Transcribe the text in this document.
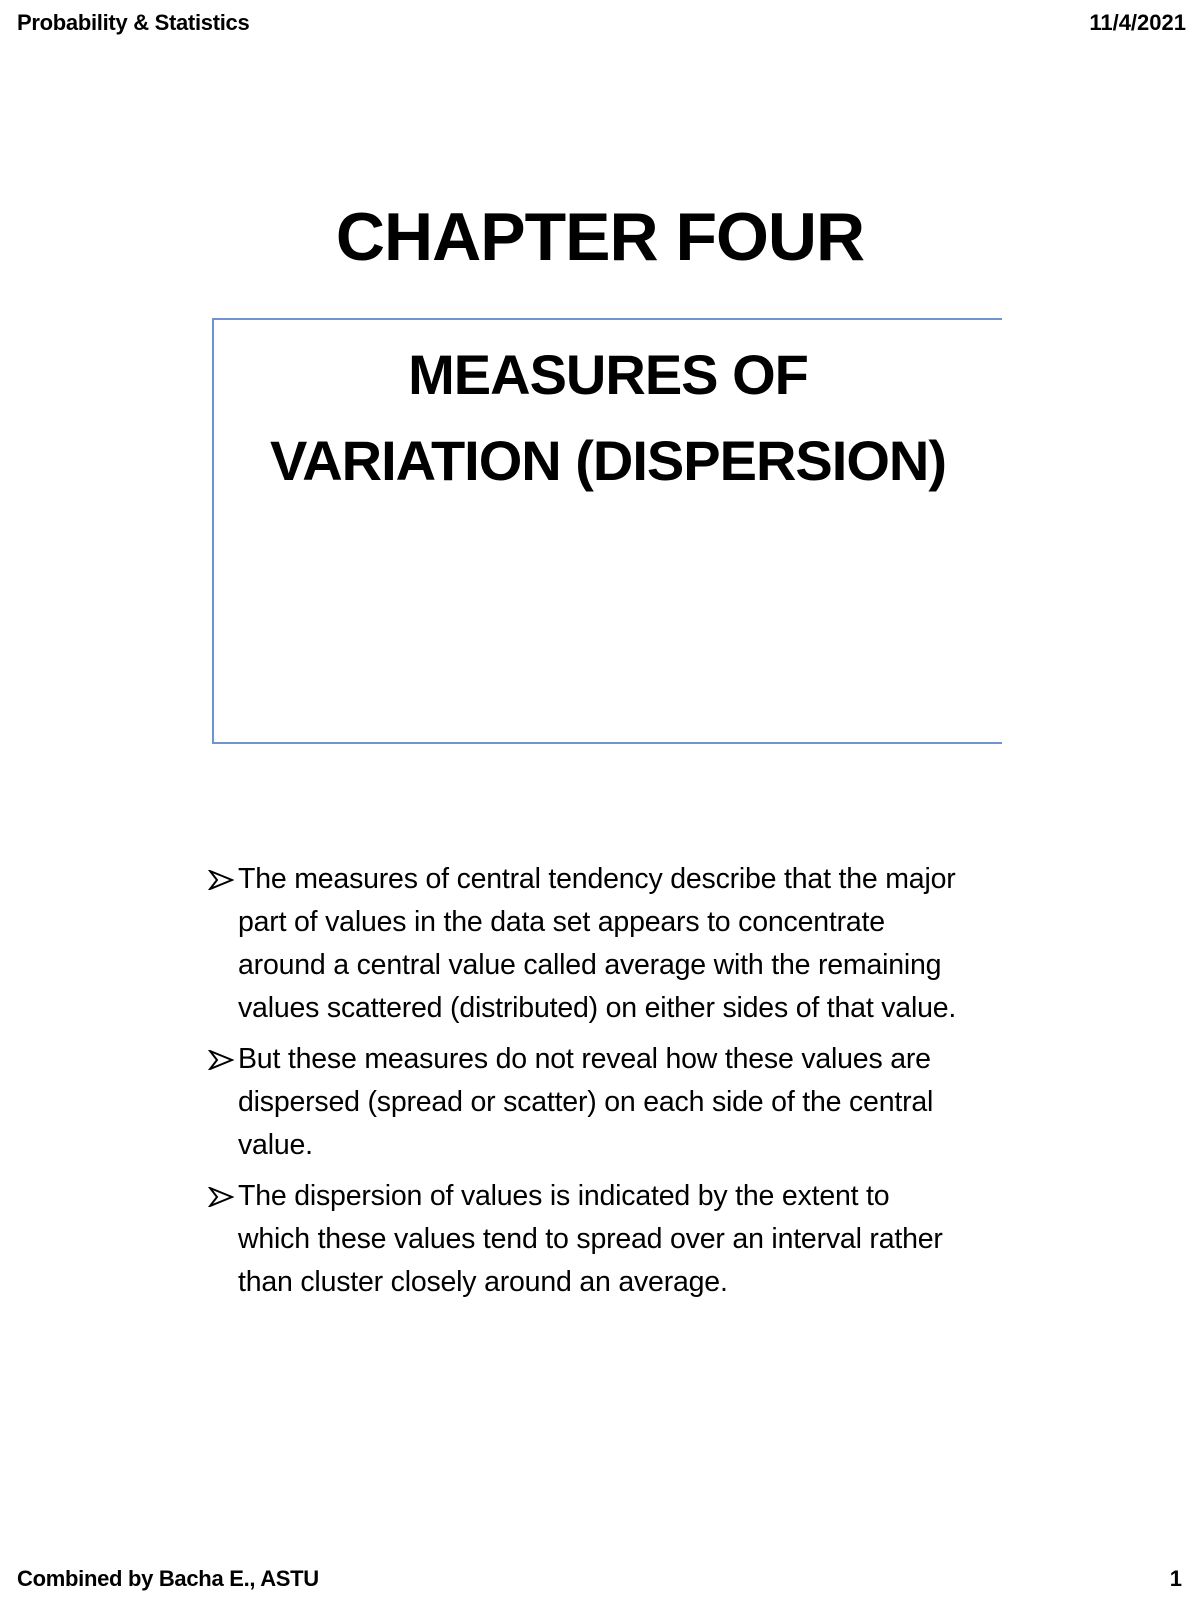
Probability & Statistics	11/4/2021
CHAPTER FOUR
MEASURES OF
VARIATION (DISPERSION)
The measures of central tendency describe that the major part of values in the data set appears to concentrate around a central value called average with the remaining values scattered (distributed) on either sides of that value.
But these measures do not reveal how these values are dispersed (spread or scatter) on each side of the central value.
The dispersion of values is indicated by the extent to which these values tend to spread over an interval rather than cluster closely around an average.
Combined by Bacha E., ASTU	1
